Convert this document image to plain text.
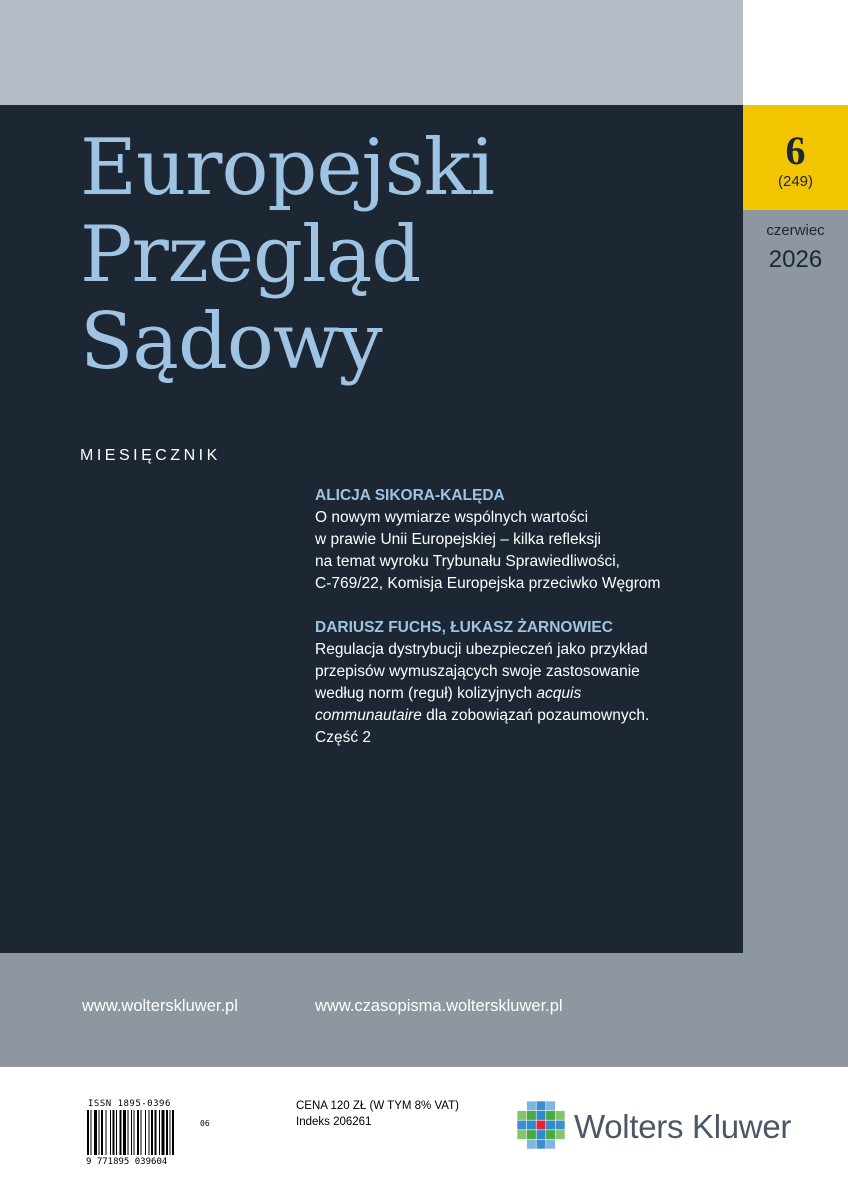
6
(249)
czerwiec
2026
Europejski
Przegląd
Sądowy
MIESIĘCZNIK
ALICJA SIKORA-KALĘDA
O nowym wymiarze wspólnych wartości
w prawie Unii Europejskiej – kilka refleksji
na temat wyroku Trybunału Sprawiedliwości,
C-769/22, Komisja Europejska przeciwko Węgrom
DARIUSZ FUCHS, ŁUKASZ ŻARNOWIEC
Regulacja dystrybucji ubezpieczeń jako przykład
przepisów wymuszających swoje zastosowanie
według norm (reguł) kolizyjnych acquis
communautaire dla zobowiązań pozaumownych.
Część 2
www.wolterskluwer.pl	www.czasopisma.wolterskluwer.pl
ISSN 1895-0396
9 771895 039604
06
CENA 120 ZŁ (W TYM 8% VAT)
Indeks 206261	Wolters Kluwer
